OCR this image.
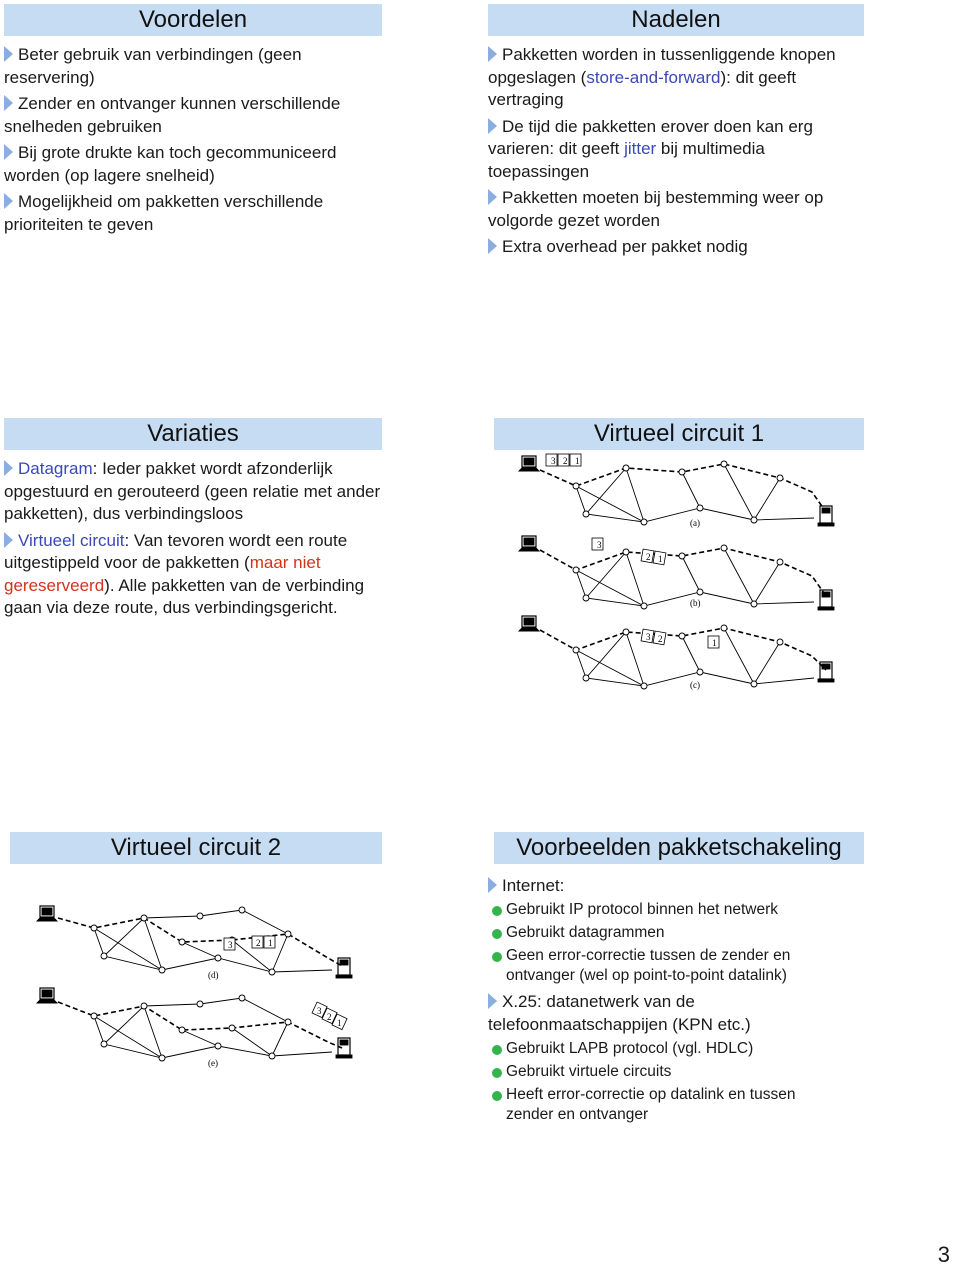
Voordelen
Beter gebruik van verbindingen (geen reservering)
Zender en ontvanger kunnen verschillende snelheden gebruiken
Bij grote drukte kan toch gecommuniceerd worden (op lagere snelheid)
Mogelijkheid om pakketten verschillende prioriteiten te geven
Nadelen
Pakketten worden in tussenliggende knopen opgeslagen (store-and-forward): dit geeft vertraging
De tijd die pakketten erover doen kan erg varieren: dit geeft jitter bij multimedia toepassingen
Pakketten moeten bij bestemming weer op volgorde gezet worden
Extra overhead per pakket nodig
Variaties
Datagram: Ieder pakket wordt afzonderlijk opgestuurd en gerouteerd (geen relatie met ander pakketten), dus verbindingsloos
Virtueel circuit: Van tevoren wordt een route uitgestippeld voor de pakketten (maar niet gereserveerd). Alle pakketten van de verbinding gaan via deze route, dus verbindingsgericht.
Virtueel circuit 1
3 2 1
(a)
3
2 1
(b)
3 2	1
(c)
Virtueel circuit 2
3	2 1
(d)
3
2
1
(e)
Voorbeelden pakketschakeling
Internet:
Gebruikt IP protocol binnen het netwerk
Gebruikt datagrammen
Geen error-correctie tussen de zender en ontvanger (wel op point-to-point datalink)
X.25: datanetwerk van de telefoonmaatschappijen (KPN etc.)
Gebruikt LAPB protocol (vgl. HDLC)
Gebruikt virtuele circuits
Heeft error-correctie op datalink en tussen zender en ontvanger
3
